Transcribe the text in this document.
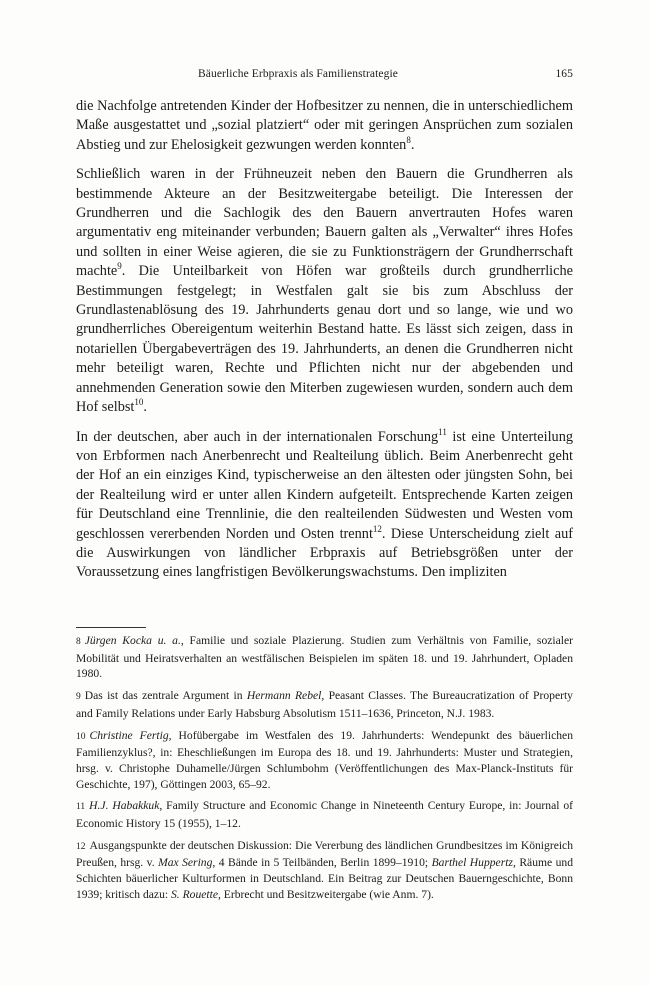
Bäuerliche Erbpraxis als Familienstrategie	165

die Nachfolge antretenden Kinder der Hofbesitzer zu nennen, die in unterschiedlichem Maße ausgestattet und „sozial platziert“ oder mit geringen Ansprüchen zum sozialen Abstieg und zur Ehelosigkeit gezwungen werden konnten$^8$.

Schließlich waren in der Frühneuzeit neben den Bauern die Grundherren als bestimmende Akteure an der Besitzweitergabe beteiligt. Die Interessen der Grundherren und die Sachlogik des den Bauern anvertrauten Hofes waren argumentativ eng miteinander verbunden; Bauern galten als „Verwalter“ ihres Hofes und sollten in einer Weise agieren, die sie zu Funktionsträgern der Grundherrschaft machte$^9$. Die Unteilbarkeit von Höfen war großteils durch grundherrliche Bestimmungen festgelegt; in Westfalen galt sie bis zum Abschluss der Grundlastenablösung des 19. Jahrhunderts genau dort und so lange, wie und wo grundherrliches Obereigentum weiterhin Bestand hatte. Es lässt sich zeigen, dass in notariellen Übergabeverträgen des 19. Jahrhunderts, an denen die Grundherren nicht mehr beteiligt waren, Rechte und Pflichten nicht nur der abgebenden und annehmenden Generation sowie den Miterben zugewiesen wurden, sondern auch dem Hof selbst$^{10}$.

In der deutschen, aber auch in der internationalen Forschung$^{11}$ ist eine Unterteilung von Erbformen nach Anerbenrecht und Realteilung üblich. Beim Anerbenrecht geht der Hof an ein einziges Kind, typischerweise an den ältesten oder jüngsten Sohn, bei der Realteilung wird er unter allen Kindern aufgeteilt. Entsprechende Karten zeigen für Deutschland eine Trennlinie, die den realteilenden Südwesten und Westen vom geschlossen vererbenden Norden und Osten trennt$^{12}$. Diese Unterscheidung zielt auf die Auswirkungen von ländlicher Erbpraxis auf Betriebsgrößen unter der Voraussetzung eines langfristigen Bevölkerungswachstums. Den impliziten

8 Jürgen Kocka u. a., Familie und soziale Plazierung. Studien zum Verhältnis von Familie, sozialer Mobilität und Heiratsverhalten an westfälischen Beispielen im späten 18. und 19. Jahrhundert, Opladen 1980.

9 Das ist das zentrale Argument in Hermann Rebel, Peasant Classes. The Bureaucratization of Property and Family Relations under Early Habsburg Absolutism 1511–1636, Princeton, N.J. 1983.

10 Christine Fertig, Hofübergabe im Westfalen des 19. Jahrhunderts: Wendepunkt des bäuerlichen Familienzyklus?, in: Eheschließungen im Europa des 18. und 19. Jahrhunderts: Muster und Strategien, hrsg. v. Christophe Duhamelle/Jürgen Schlumbohm (Veröffentlichungen des Max-Planck-Instituts für Geschichte, 197), Göttingen 2003, 65–92.

11 H.J. Habakkuk, Family Structure and Economic Change in Nineteenth Century Europe, in: Journal of Economic History 15 (1955), 1–12.

12 Ausgangspunkte der deutschen Diskussion: Die Vererbung des ländlichen Grundbesitzes im Königreich Preußen, hrsg. v. Max Sering, 4 Bände in 5 Teilbänden, Berlin 1899–1910; Barthel Huppertz, Räume und Schichten bäuerlicher Kulturformen in Deutschland. Ein Beitrag zur Deutschen Bauerngeschichte, Bonn 1939; kritisch dazu: S. Rouette, Erbrecht und Besitzweitergabe (wie Anm. 7).
